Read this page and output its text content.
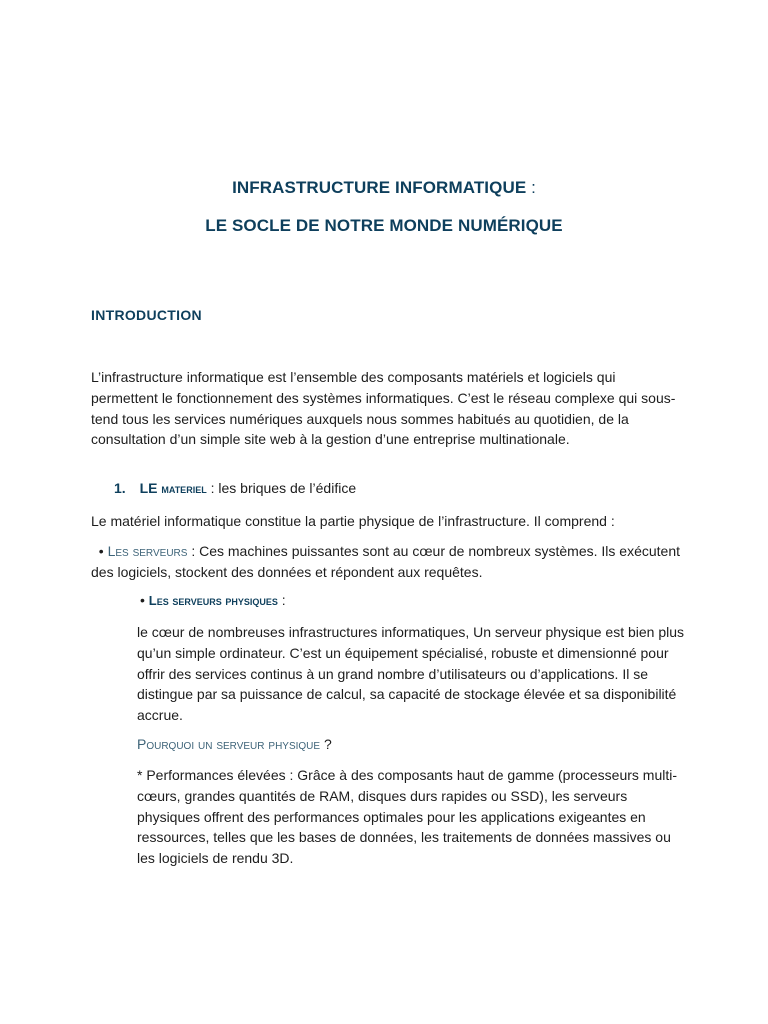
INFRASTRUCTURE INFORMATIQUE :
LE SOCLE DE NOTRE MONDE NUMÉRIQUE
INTRODUCTION
L’infrastructure informatique est l’ensemble des composants matériels et logiciels qui permettent le fonctionnement des systèmes informatiques. C’est le réseau complexe qui sous-tend tous les services numériques auxquels nous sommes habitués au quotidien, de la consultation d’un simple site web à la gestion d’une entreprise multinationale.
1. LE materiel : les briques de l’édifice
Le matériel informatique constitue la partie physique de l’infrastructure. Il comprend :
• Les serveurs : Ces machines puissantes sont au cœur de nombreux systèmes. Ils exécutent des logiciels, stockent des données et répondent aux requêtes.
• Les serveurs physiques :
le cœur de nombreuses infrastructures informatiques, Un serveur physique est bien plus qu’un simple ordinateur. C’est un équipement spécialisé, robuste et dimensionné pour offrir des services continus à un grand nombre d’utilisateurs ou d’applications. Il se distingue par sa puissance de calcul, sa capacité de stockage élevée et sa disponibilité accrue.
Pourquoi un serveur physique ?
* Performances élevées : Grâce à des composants haut de gamme (processeurs multi-cœurs, grandes quantités de RAM, disques durs rapides ou SSD), les serveurs physiques offrent des performances optimales pour les applications exigeantes en ressources, telles que les bases de données, les traitements de données massives ou les logiciels de rendu 3D.
